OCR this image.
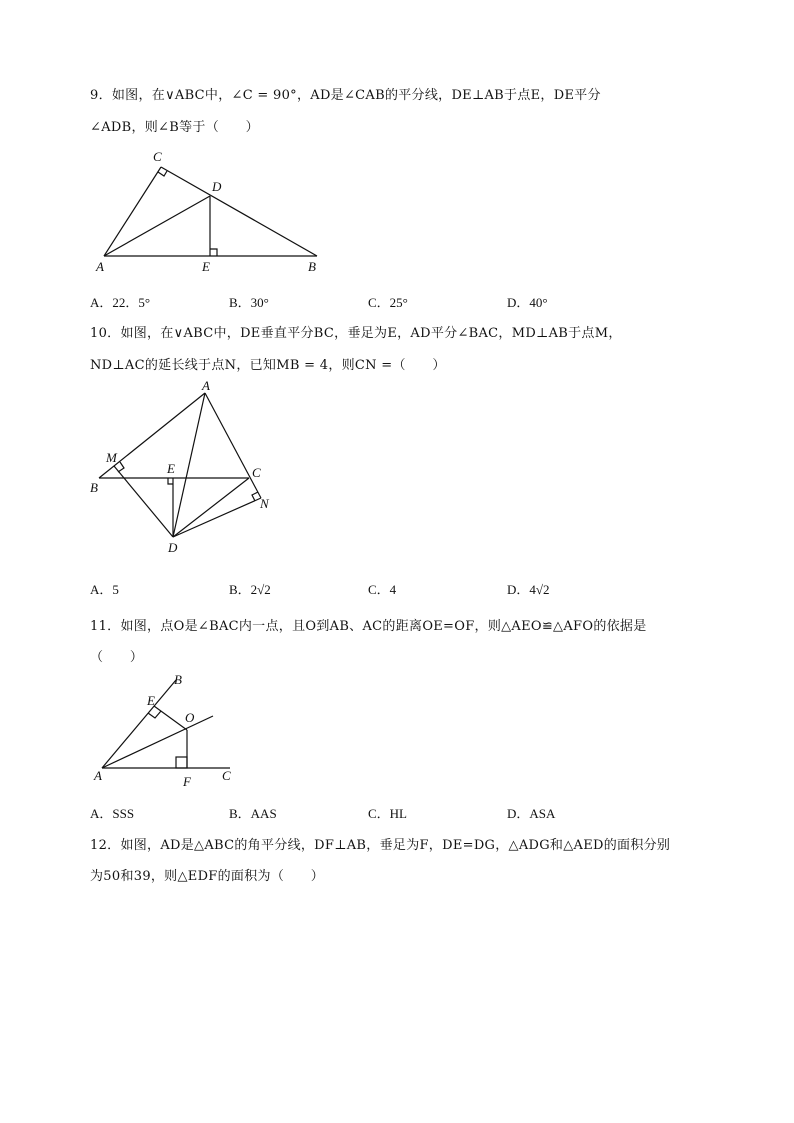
9．如图，在∨ABC中，∠C = 90°，AD是∠CAB的平分线，DE⊥AB于点E，DE平分
∠ADB，则∠B等于（　　）
C
D
A	E	B
A．22．5°	B．30°	C．25°	D．40°
10．如图，在∨ABC中，DE垂直平分BC，垂足为E，AD平分∠BAC，MD⊥AB于点M，
ND⊥AC的延长线于点N，已知MB = 4，则CN =（　　）
A
M
E	C
B
N
D
A．5	B．2√2	C．4	D．4√2
11．如图，点O是∠BAC内一点，且O到AB、AC的距离OE=OF，则△AEO≌△AFO的依据是
（　　）
B
E
O
A	F C
A．SSS	B．AAS	C．HL	D．ASA
12．如图，AD是△ABC的角平分线，DF⊥AB，垂足为F，DE=DG，△ADG和△AED的面积分别
为50和39，则△EDF的面积为（　　）
